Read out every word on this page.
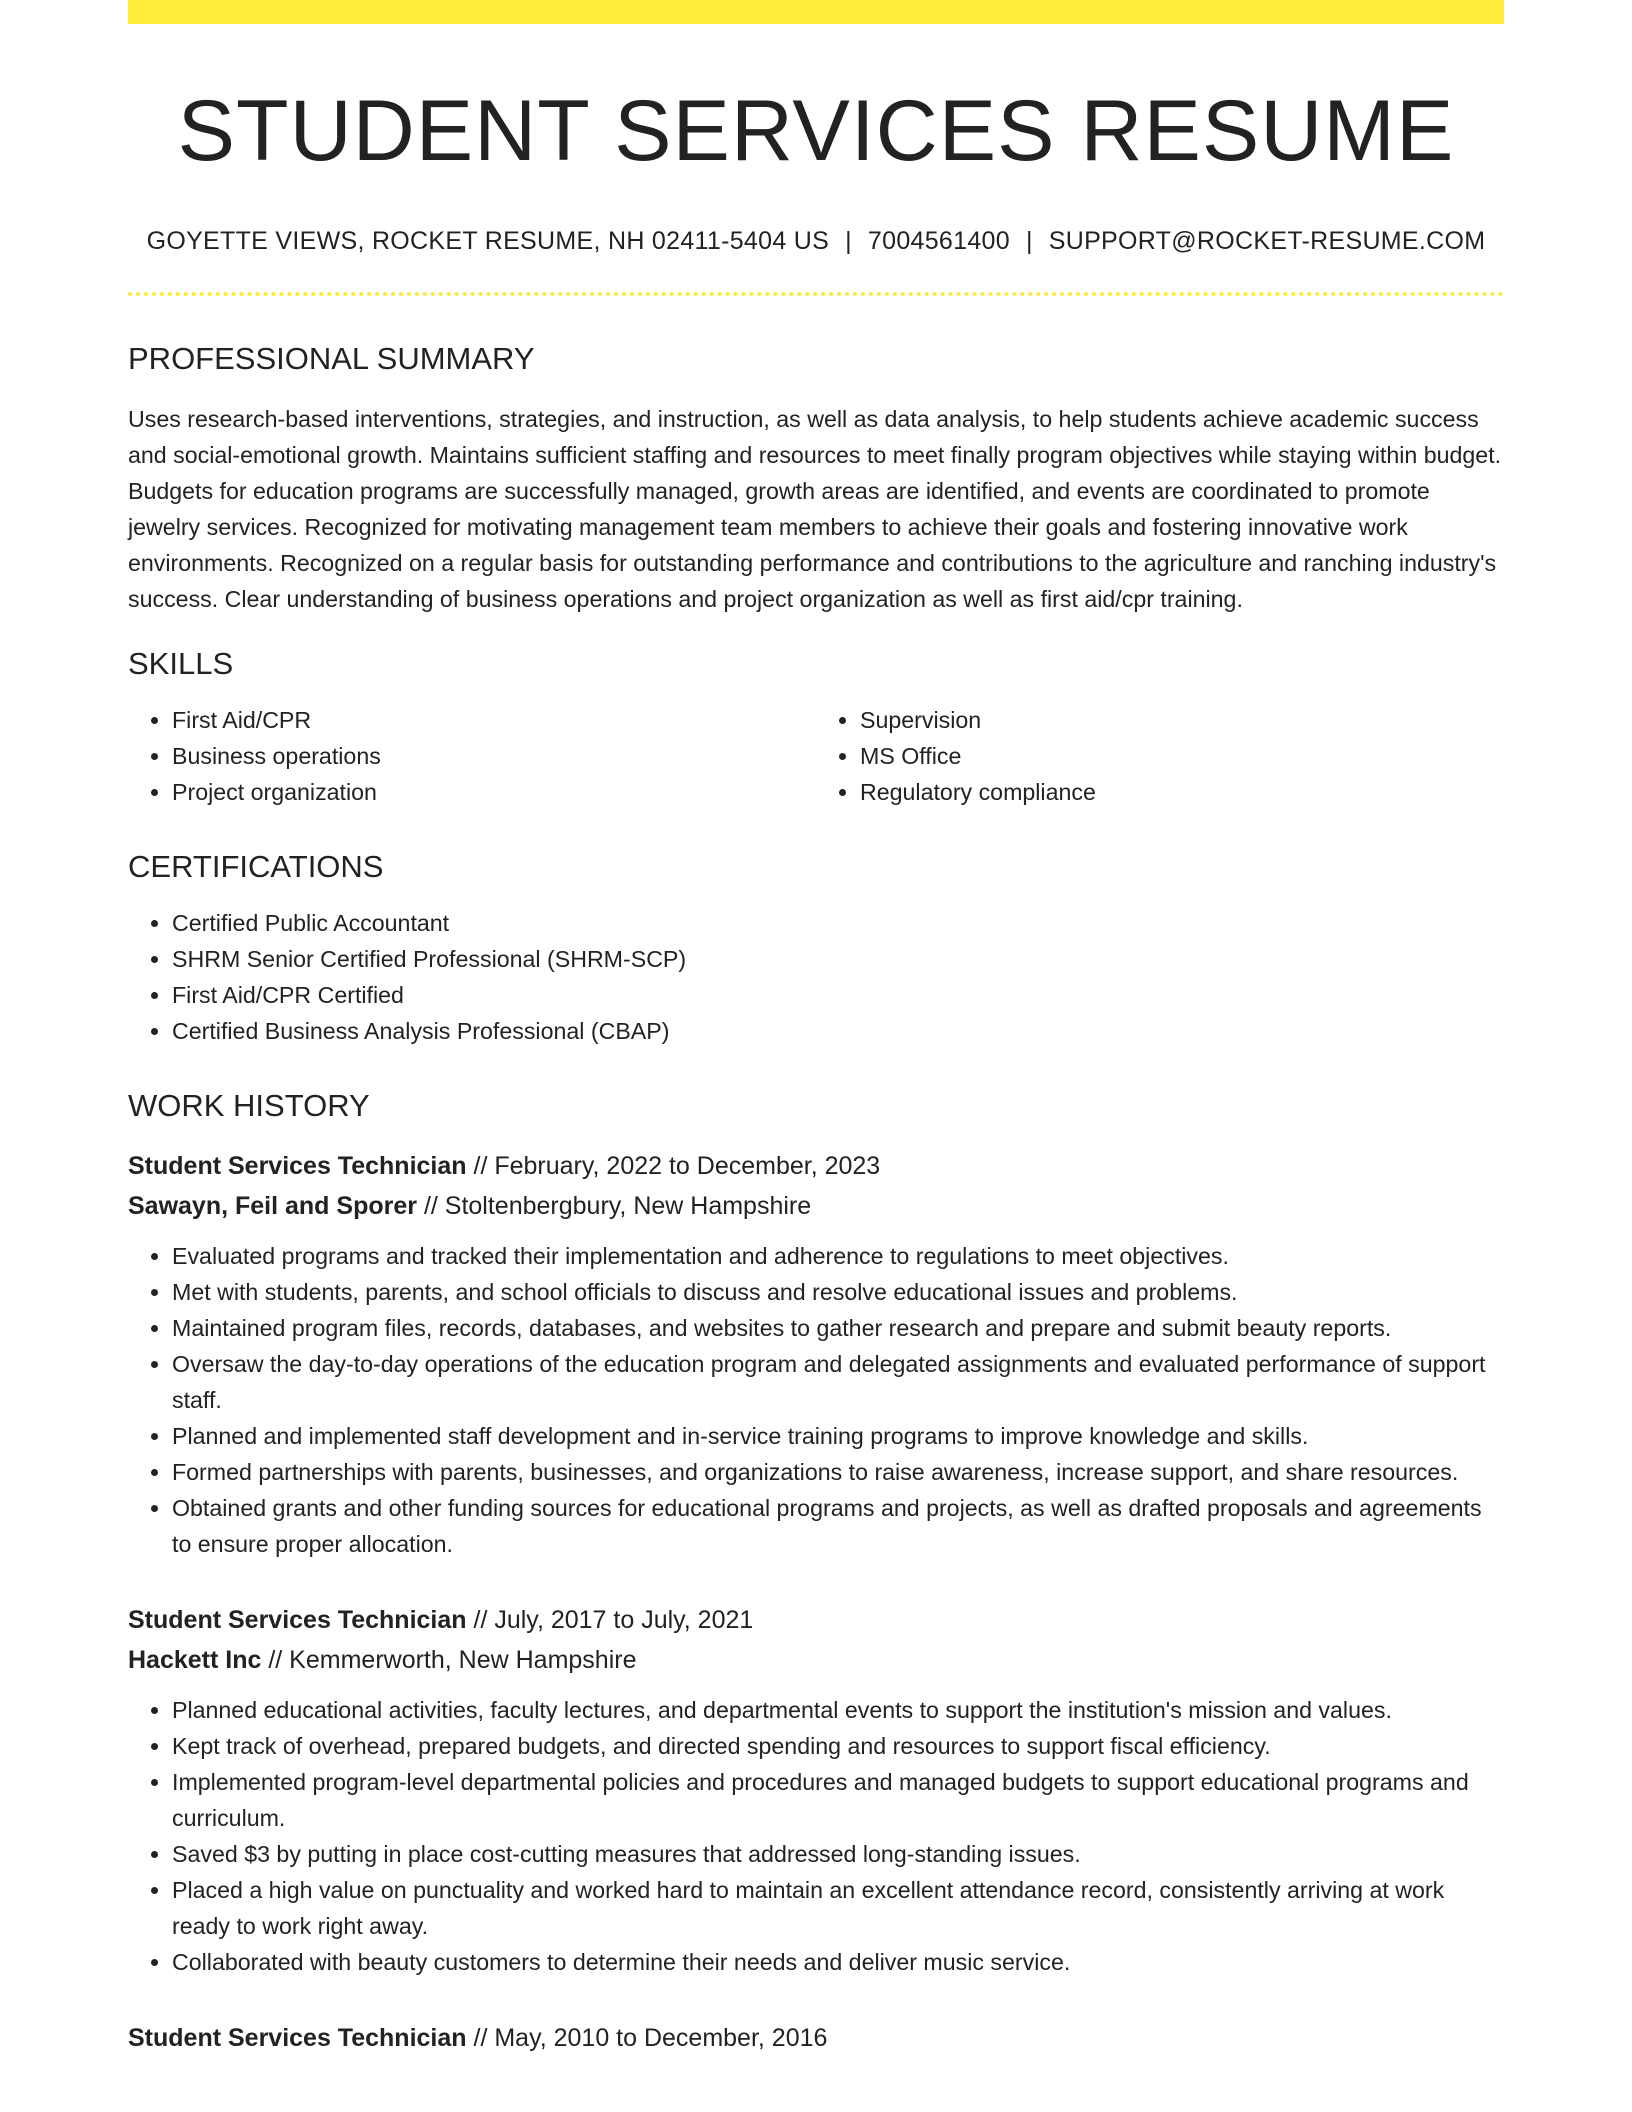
STUDENT SERVICES RESUME
GOYETTE VIEWS, ROCKET RESUME, NH 02411-5404 US | 7004561400 | SUPPORT@ROCKET-RESUME.COM
PROFESSIONAL SUMMARY

Uses research-based interventions, strategies, and instruction, as well as data analysis, to help students achieve academic success and social-emotional growth. Maintains sufficient staffing and resources to meet finally program objectives while staying within budget. Budgets for education programs are successfully managed, growth areas are identified, and events are coordinated to promote jewelry services. Recognized for motivating management team members to achieve their goals and fostering innovative work environments. Recognized on a regular basis for outstanding performance and contributions to the agriculture and ranching industry's success. Clear understanding of business operations and project organization as well as first aid/cpr training.

SKILLS
• First Aid/CPR
• Business operations
• Project organization
• Supervision
• MS Office
• Regulatory compliance
CERTIFICATIONS
• Certified Public Accountant
• SHRM Senior Certified Professional (SHRM-SCP)
• First Aid/CPR Certified
• Certified Business Analysis Professional (CBAP)
WORK HISTORY
Student Services Technician // February, 2022 to December, 2023
Sawayn, Feil and Sporer // Stoltenbergbury, New Hampshire
• Evaluated programs and tracked their implementation and adherence to regulations to meet objectives.
• Met with students, parents, and school officials to discuss and resolve educational issues and problems.
• Maintained program files, records, databases, and websites to gather research and prepare and submit beauty reports.
• Oversaw the day-to-day operations of the education program and delegated assignments and evaluated performance of support staff.
• Planned and implemented staff development and in-service training programs to improve knowledge and skills.
• Formed partnerships with parents, businesses, and organizations to raise awareness, increase support, and share resources.
• Obtained grants and other funding sources for educational programs and projects, as well as drafted proposals and agreements to ensure proper allocation.
Student Services Technician // July, 2017 to July, 2021
Hackett Inc // Kemmerworth, New Hampshire
• Planned educational activities, faculty lectures, and departmental events to support the institution's mission and values.
• Kept track of overhead, prepared budgets, and directed spending and resources to support fiscal efficiency.
• Implemented program-level departmental policies and procedures and managed budgets to support educational programs and curriculum.
• Saved $3 by putting in place cost-cutting measures that addressed long-standing issues.
• Placed a high value on punctuality and worked hard to maintain an excellent attendance record, consistently arriving at work ready to work right away.
• Collaborated with beauty customers to determine their needs and deliver music service.
Student Services Technician // May, 2010 to December, 2016
